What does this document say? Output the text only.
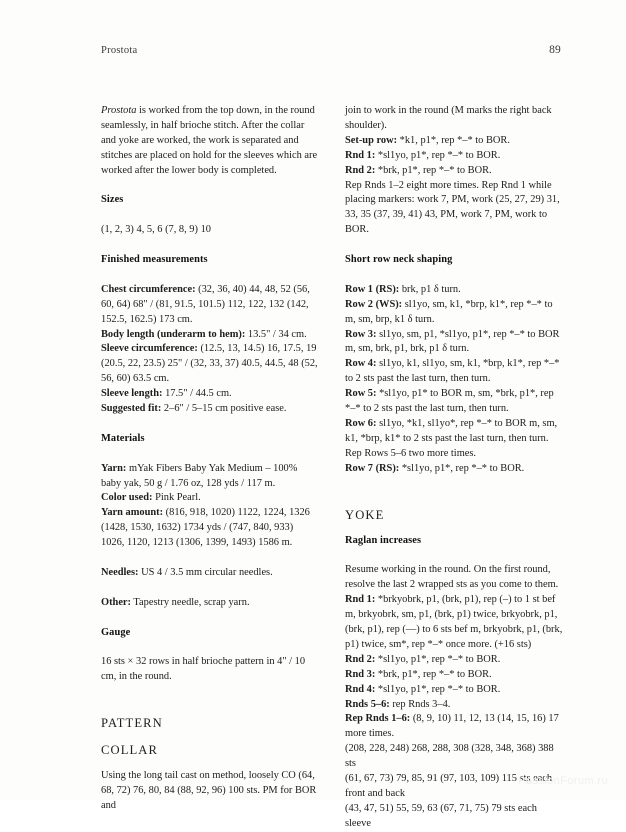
Prostota	89

Prostota is worked from the top down, in the round seamlessly, in half brioche stitch. After the collar and yoke are worked, the work is separated and stitches are placed on hold for the sleeves which are worked after the lower body is completed.

Sizes

(1, 2, 3) 4, 5, 6 (7, 8, 9) 10

Finished measurements

Chest circumference: (32, 36, 40) 44, 48, 52 (56, 60, 64) 68" / (81, 91.5, 101.5) 112, 122, 132 (142, 152.5, 162.5) 173 cm.

Body length (underarm to hem): 13.5" / 34 cm.

Sleeve circumference: (12.5, 13, 14.5) 16, 17.5, 19 (20.5, 22, 23.5) 25" / (32, 33, 37) 40.5, 44.5, 48 (52, 56, 60) 63.5 cm.

Sleeve length: 17.5" / 44.5 cm.

Suggested fit: 2–6" / 5–15 cm positive ease.

Materials

Yarn: mYak Fibers Baby Yak Medium – 100% baby yak, 50 g / 1.76 oz, 128 yds / 117 m.

Color used: Pink Pearl.

Yarn amount: (816, 918, 1020) 1122, 1224, 1326 (1428, 1530, 1632) 1734 yds / (747, 840, 933) 1026, 1120, 1213 (1306, 1399, 1493) 1586 m.

Needles: US 4 / 3.5 mm circular needles.

Other: Tapestry needle, scrap yarn.

Gauge

16 sts × 32 rows in half brioche pattern in 4" / 10 cm, in the round.

PATTERN
COLLAR

Using the long tail cast on method, loosely CO (64, 68, 72) 76, 80, 84 (88, 92, 96) 100 sts. PM for BOR and

join to work in the round (M marks the right back shoulder).

Set-up row: *k1, p1*, rep *–* to BOR.

Rnd 1: *sl1yo, p1*, rep *–* to BOR.

Rnd 2: *brk, p1*, rep *–* to BOR.

Rep Rnds 1–2 eight more times. Rep Rnd 1 while placing markers: work 7, PM, work (25, 27, 29) 31, 33, 35 (37, 39, 41) 43, PM, work 7, PM, work to BOR.

Short row neck shaping

Row 1 (RS): brk, p1 δ turn.

Row 2 (WS): sl1yo, sm, k1, *brp, k1*, rep *–* to m, sm, brp, k1 δ turn.

Row 3: sl1yo, sm, p1, *sl1yo, p1*, rep *–* to BOR m, sm, brk, p1, brk, p1 δ turn.

Row 4: sl1yo, k1, sl1yo, sm, k1, *brp, k1*, rep *–* to 2 sts past the last turn, then turn.

Row 5: *sl1yo, p1* to BOR m, sm, *brk, p1*, rep *–* to 2 sts past the last turn, then turn.

Row 6: sl1yo, *k1, sl1yo*, rep *–* to BOR m, sm, k1, *brp, k1* to 2 sts past the last turn, then turn.

Rep Rows 5–6 two more times.

Row 7 (RS): *sl1yo, p1*, rep *–* to BOR.

YOKE
Raglan increases

Resume working in the round. On the first round, resolve the last 2 wrapped sts as you come to them.

Rnd 1: *brkyobrk, p1, (brk, p1), rep (–) to 1 st bef m, brkyobrk, sm, p1, (brk, p1) twice, brkyobrk, p1, (brk, p1), rep (––) to 6 sts bef m, brkyobrk, p1, (brk, p1) twice, sm*, rep *–* once more. (+16 sts)

Rnd 2: *sl1yo, p1*, rep *–* to BOR.

Rnd 3: *brk, p1*, rep *–* to BOR.

Rnd 4: *sl1yo, p1*, rep *–* to BOR.

Rnds 5–6: rep Rnds 3–4.

Rep Rnds 1–6: (8, 9, 10) 11, 12, 13 (14, 15, 16) 17 more times.

(208, 228, 248) 268, 288, 308 (328, 348, 368) 388 sts

(61, 67, 73) 79, 85, 91 (97, 103, 109) 115 sts each front and back

(43, 47, 51) 55, 59, 63 (67, 71, 75) 79 sts each sleeve

PassionForum.ru
